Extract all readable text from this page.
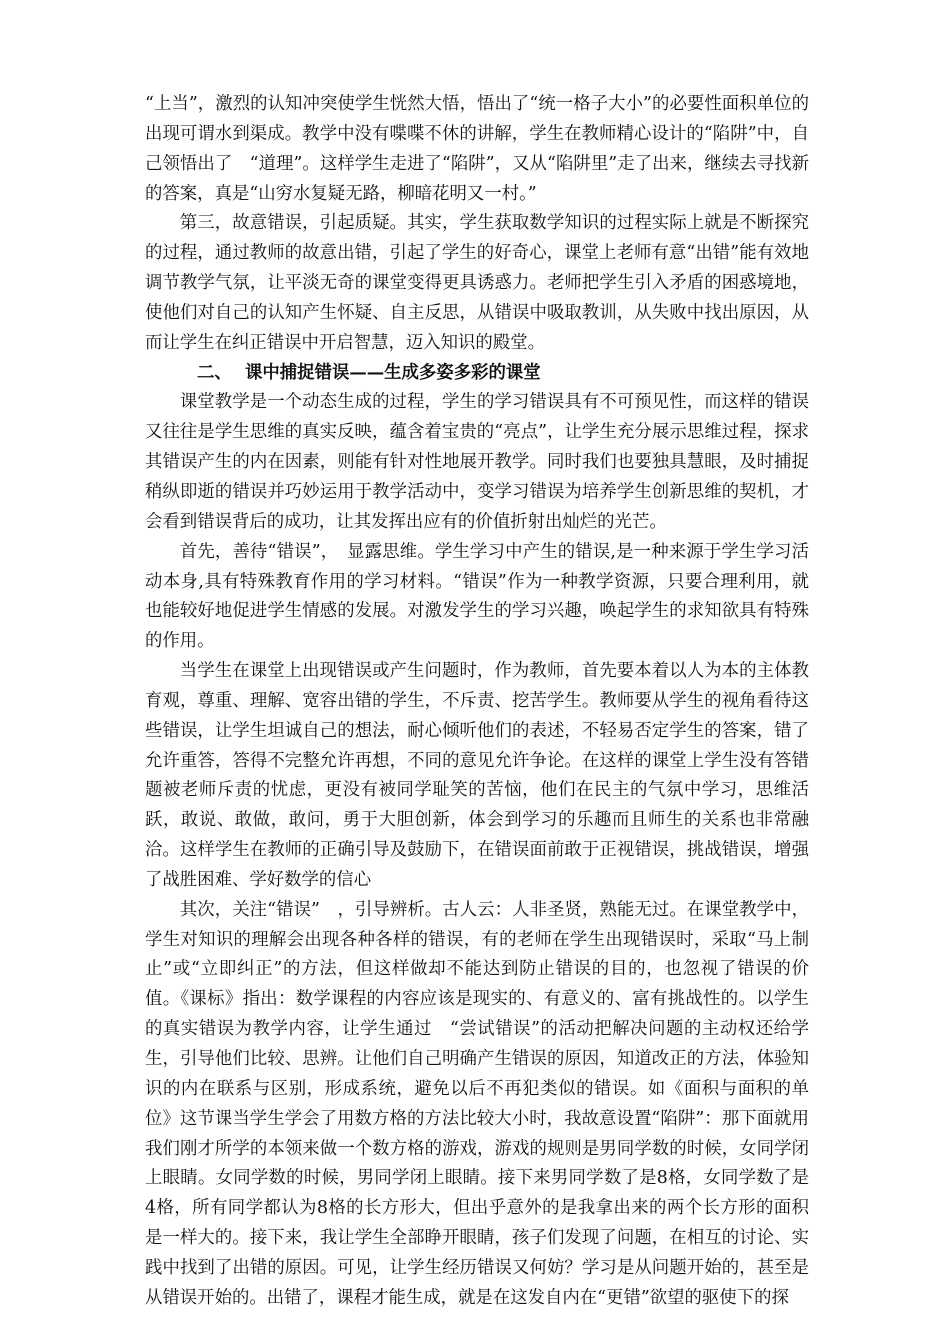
“上当”，激烈的认知冲突使学生恍然大悟，悟出了“统一格子大小”的必要性面积单位的出现可谓水到渠成。教学中没有喋喋不休的讲解，学生在教师精心设计的“陷阱”中，自己领悟出了　“道理”。这样学生走进了“陷阱”，又从“陷阱里”走了出来，继续去寻找新的答案，真是“山穷水复疑无路，柳暗花明又一村。”

第三，故意错误，引起质疑。其实，学生获取数学知识的过程实际上就是不断探究的过程，通过教师的故意出错，引起了学生的好奇心，课堂上老师有意“出错”能有效地调节教学气氛，让平淡无奇的课堂变得更具诱惑力。老师把学生引入矛盾的困惑境地，使他们对自己的认知产生怀疑、自主反思，从错误中吸取教训，从失败中找出原因，从而让学生在纠正错误中开启智慧，迈入知识的殿堂。

二、 课中捕捉错误——生成多姿多彩的课堂

课堂教学是一个动态生成的过程，学生的学习错误具有不可预见性，而这样的错误又往往是学生思维的真实反映，蕴含着宝贵的“亮点”，让学生充分展示思维过程，探求其错误产生的内在因素，则能有针对性地展开教学。同时我们也要独具慧眼，及时捕捉稍纵即逝的错误并巧妙运用于教学活动中，变学习错误为培养学生创新思维的契机，才会看到错误背后的成功，让其发挥出应有的价值折射出灿烂的光芒。

首先，善待“错误”，　显露思维。学生学习中产生的错误,是一种来源于学生学习活动本身,具有特殊教育作用的学习材料。“错误”作为一种教学资源，只要合理利用，就也能较好地促进学生情感的发展。对激发学生的学习兴趣，唤起学生的求知欲具有特殊的作用。

当学生在课堂上出现错误或产生问题时，作为教师，首先要本着以人为本的主体教育观，尊重、理解、宽容出错的学生，不斥责、挖苦学生。教师要从学生的视角看待这些错误，让学生坦诚自己的想法，耐心倾听他们的表述，不轻易否定学生的答案，错了允许重答，答得不完整允许再想，不同的意见允许争论。在这样的课堂上学生没有答错题被老师斥责的忧虑，更没有被同学耻笑的苦恼，他们在民主的气氛中学习，思维活跃，敢说、敢做，敢问，勇于大胆创新，体会到学习的乐趣而且师生的关系也非常融洽。这样学生在教师的正确引导及鼓励下，在错误面前敢于正视错误，挑战错误，增强了战胜困难、学好数学的信心

其次，关注“错误”　，引导辨析。古人云：人非圣贤，熟能无过。在课堂教学中，学生对知识的理解会出现各种各样的错误，有的老师在学生出现错误时，采取“马上制止”或“立即纠正”的方法，但这样做却不能达到防止错误的目的，也忽视了错误的价值。《课标》指出：数学课程的内容应该是现实的、有意义的、富有挑战性的。以学生的真实错误为教学内容，让学生通过　“尝试错误”的活动把解决问题的主动权还给学生，引导他们比较、思辨。让他们自己明确产生错误的原因，知道改正的方法，体验知识的内在联系与区别，形成系统，避免以后不再犯类似的错误。如《面积与面积的单位》这节课当学生学会了用数方格的方法比较大小时，我故意设置“陷阱”：那下面就用我们刚才所学的本领来做一个数方格的游戏，游戏的规则是男同学数的时候，女同学闭上眼睛。女同学数的时候，男同学闭上眼睛。接下来男同学数了是8格，女同学数了是4格，所有同学都认为8格的长方形大，但出乎意外的是我拿出来的两个长方形的面积是一样大的。接下来，我让学生全部睁开眼睛，孩子们发现了问题，在相互的讨论、实践中找到了出错的原因。可见，让学生经历错误又何妨？学习是从问题开始的，甚至是从错误开始的。出错了，课程才能生成，就是在这发自内在“更错”欲望的驱使下的探
